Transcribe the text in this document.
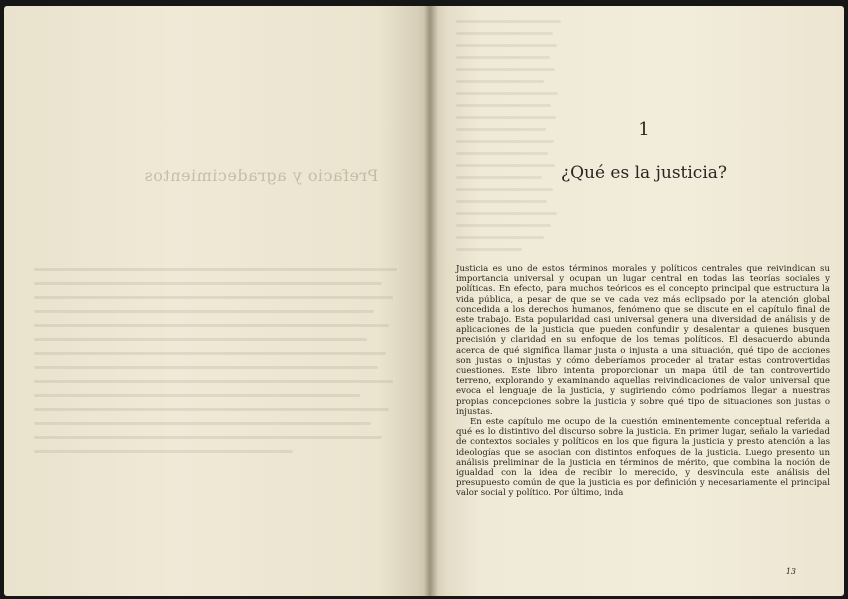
Prefacio y agradecimientos
1
¿Qué es la justicia?

Justicia es uno de estos términos morales y políticos centrales que reivindican su importancia universal y ocupan un lugar central en todas las teorías sociales y políticas. En efecto, para muchos teóricos es el concepto principal que estructura la vida pública, a pesar de que se ve cada vez más eclipsado por la atención global concedida a los derechos humanos, fenómeno que se discute en el capítulo final de este trabajo. Esta popularidad casi universal genera una diversidad de análisis y de aplicaciones de la justicia que pueden confundir y desalentar a quienes busquen precisión y claridad en su enfoque de los temas políticos. El desacuerdo abunda acerca de qué significa llamar justa o injusta a una situación, qué tipo de acciones son justas o injustas y cómo deberíamos proceder al tratar estas controvertidas cuestiones. Este libro intenta proporcionar un mapa útil de tan controvertido terreno, explorando y examinando aquellas reivindicaciones de valor universal que evoca el lenguaje de la justicia, y sugiriendo cómo podríamos llegar a nuestras propias concepciones sobre la justicia y sobre qué tipo de situaciones son justas o injustas.

En este capítulo me ocupo de la cuestión eminentemente conceptual referida a qué es lo distintivo del discurso sobre la justicia. En primer lugar, señalo la variedad de contextos sociales y políticos en los que figura la justicia y presto atención a las ideologías que se asocian con distintos enfoques de la justicia. Luego presento un análisis preliminar de la justicia en términos de mérito, que combina la noción de igualdad con la idea de recibir lo merecido, y desvincula este análisis del presupuesto común de que la justicia es por definición y necesariamente el principal valor social y político. Por último, inda

13
